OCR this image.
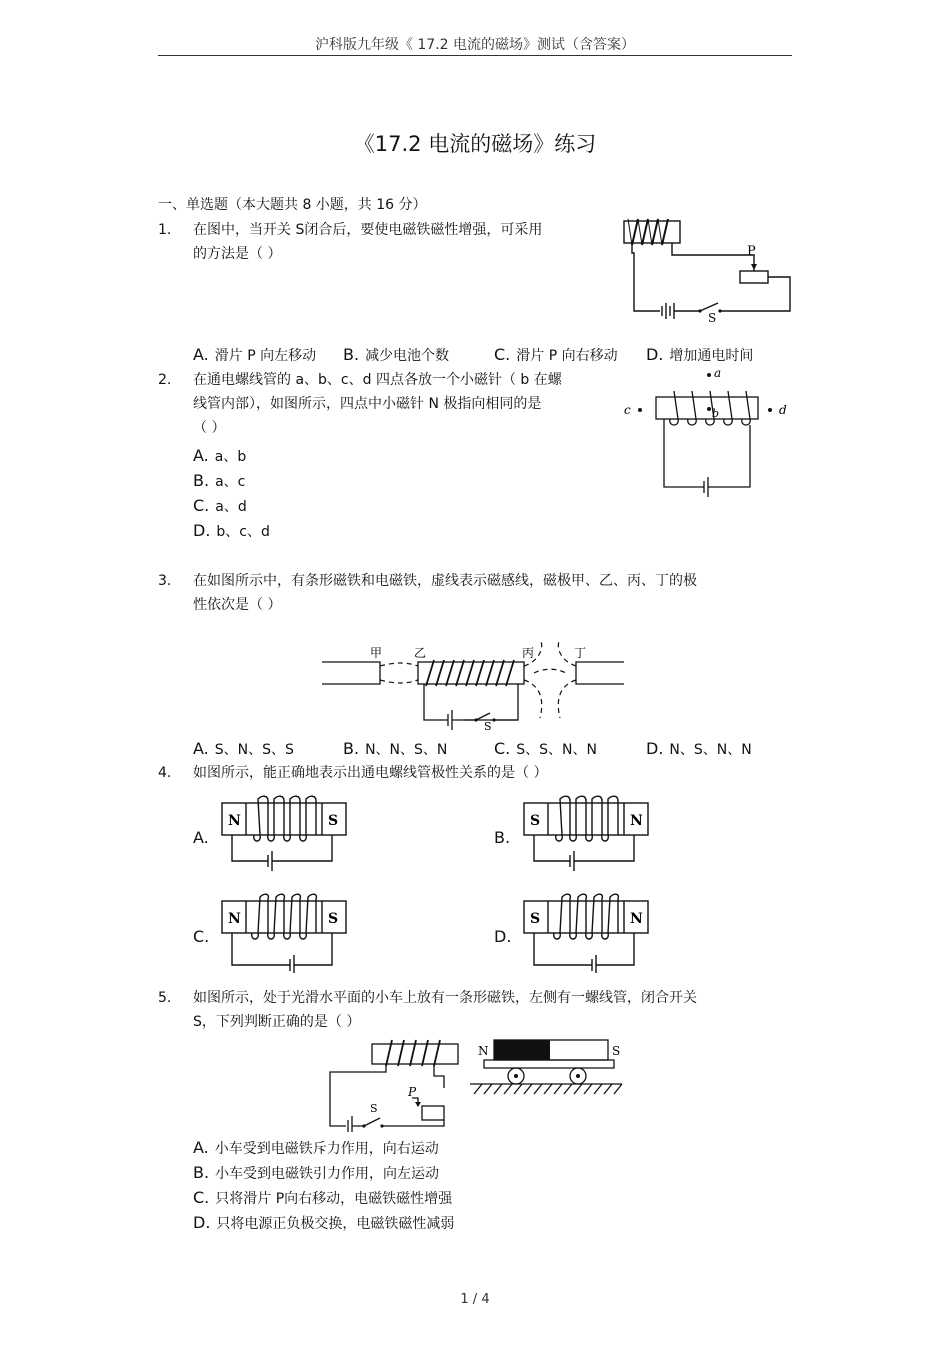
沪科版九年级《 17.2 电流的磁场》测试（含答案）
《17.2 电流的磁场》练习
一、单选题（本大题共 8 小题，共 16 分）
1. 在图中，当开关 S闭合后，要使电磁铁磁性增强，可采用
的方法是（ ）	P
S
A. 滑片 P 向左移动 B. 减少电池个数	C. 滑片 P 向右移动 D. 增加通电时间
2. 在通电螺线管的 a、b、c、d 四点各放一个小磁针（ b 在螺
线管内部），如图所示，四点中小磁针 N 极指向相同的是
（ ）
a
c	b	d
A. a、b
B. a、c
C. a、d
D. b、c、d
3. 在如图所示中，有条形磁铁和电磁铁，虚线表示磁感线，磁极甲、乙、丙、丁的极
性依次是（ ）
甲	乙	丙	丁
S
A. S、N、S、S	B. N、N、S、N	C. S、S、N、N	D. N、S、N、N
4. 如图所示，能正确地表示出通电螺线管极性关系的是（ ）
A.
N	S
B.
S	N
C.
N	S
D.
S	N
5. 如图所示，处于光滑水平面的小车上放有一条形磁铁，左侧有一螺线管，闭合开关
S，下列判断正确的是（ ）
N	S
P
S
A. 小车受到电磁铁斥力作用，向右运动
B. 小车受到电磁铁引力作用，向左运动
C. 只将滑片 P向右移动，电磁铁磁性增强
D. 只将电源正负极交换，电磁铁磁性减弱
1 / 4
